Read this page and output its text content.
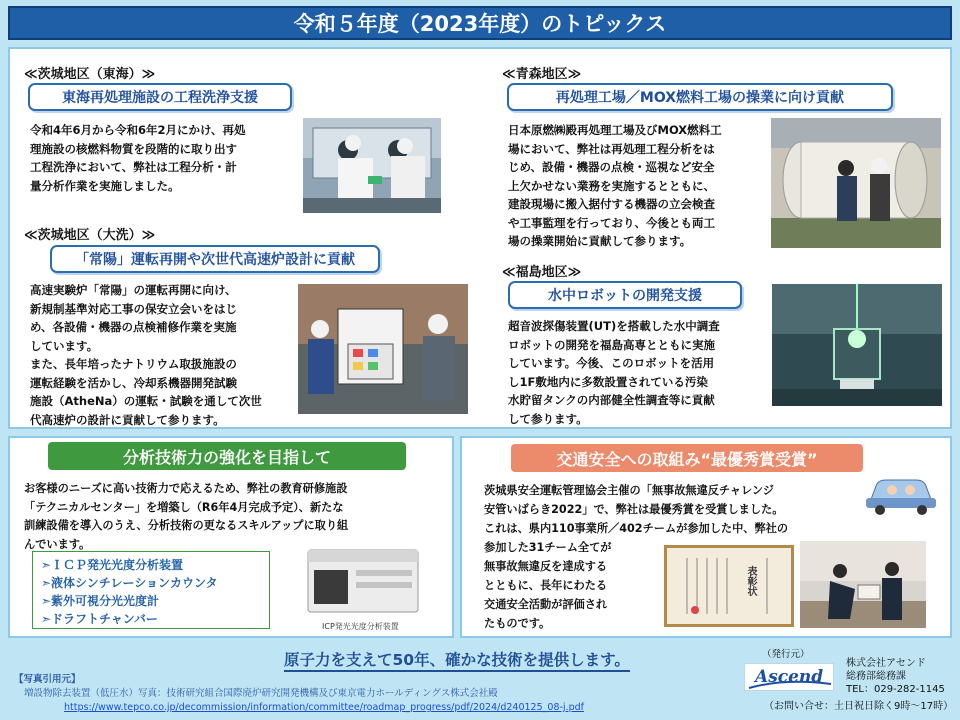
令和５年度（2023年度）のトピックス
≪茨城地区（東海）≫
東海再処理施設の工程洗浄支援

令和4年6月から令和6年2月にかけ、再処

理施設の核燃料物質を段階的に取り出す

工程洗浄において、弊社は工程分析・計

量分析作業を実施しました。

≪茨城地区（大洗）≫
「常陽」運転再開や次世代高速炉設計に貢献

高速実験炉「常陽」の運転再開に向け、

新規制基準対応工事の保安立会いをはじ

め、各設備・機器の点検補修作業を実施

しています。

また、長年培ったナトリウム取扱施設の

運転経験を活かし、冷却系機器開発試験

施設（AtheNa）の運転・試験を通して次世

代高速炉の設計に貢献して参ります。

≪青森地区≫
再処理工場／MOX燃料工場の操業に向け貢献

日本原燃㈱殿再処理工場及びMOX燃料工

場において、弊社は再処理工程分析をは

じめ、設備・機器の点検・巡視など安全

上欠かせない業務を実施するとともに、

建設現場に搬入据付する機器の立会検査

や工事監理を行っており、今後とも両工

場の操業開始に貢献して参ります。

≪福島地区≫
水中ロボットの開発支援

超音波探傷装置(UT)を搭載した水中調査

ロボットの開発を福島高専とともに実施

しています。今後、このロボットを活用

し1F敷地内に多数設置されている汚染

水貯留タンクの内部健全性調査等に貢献

して参ります。

分析技術力の強化を目指して

お客様のニーズに高い技術力で応えるため、弊社の教育研修施設

「テクニカルセンター」を増築し（R6年4月完成予定）、新たな

訓練設備を導入のうえ、分析技術の更なるスキルアップに取り組

んでいます。

➣ＩＣＰ発光光度分析装置
➣液体シンチレーションカウンタ
➣紫外可視分光光度計
➣ドラフトチャンバー
ICP発光光度分析装置
交通安全への取組み“最優秀賞受賞”

茨城県安全運転管理協会主催の「無事故無違反チャレンジ

安管いばらき2022」で、弊社は最優秀賞を受賞しました。

これは、県内110事業所／402チームが参加した中、弊社の

参加した31チーム全てが

無事故無違反を達成する

とともに、長年にわたる

交通安全活動が評価され

たものです。

表彰状
原子力を支えて50年、確かな技術を提供します。
【写真引用元】
増設物除去装置（低圧水）写真：技術研究組合国際廃炉研究開発機構及び東京電力ホールディングス株式会社殿
https://www.tepco.co.jp/decommission/information/committee/roadmap_progress/pdf/2024/d240125_08-j.pdf
（発行元）
Ascend
株式会社アセンド
総務部総務課
TEL：029-282-1145
（お問い合せ：土日祝日除く9時～17時）
